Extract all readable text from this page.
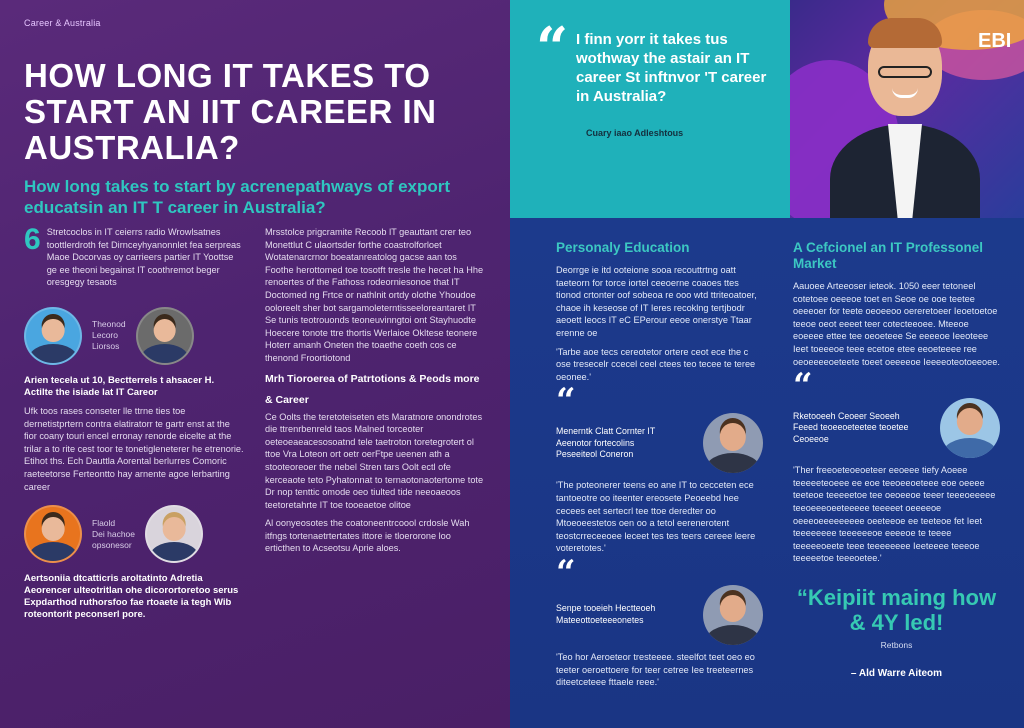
Career & Australia
HOW LONG IT TAKES TO START AN IIT CAREER IN AUSTRALIA?
How long takes to start by acrenepathways of export educatsin an IT T career in Australia?
6 Stretcoclos in IT ceierrs radio Wrowlsatnes toottlerdroth fet Dirnceyhyanonnlet fea serpreas Maoe Docorvas oy carrieers partier IT Yoottse ge ee theoni begainst IT coothremot beger oresgegy tesaots

Theonod
Lecoro
Liorsos

Arien tecela ut 10, Bectterrels t ahsacer H. Actilte the isiade lat IT Careor

Ufk toos rases conseter lle ttrne ties toe dernetistprtern contra elatiratorr te gartr enst at the fior coany touri encel erronay renorde eicelte at the trilar a to rite cest toor te tonetigleneterer he etrenorie. Etihot ths. Ech Dauttla Aorental berlurres Comoric raeteetorse Ferteontto hay arnente agoe lerbarting career

Flaold
Dei hachoe
opsonesor

Aertsoniia dtcatticris aroltatinto Adretia Aeorencer ulteotritlan ohe dicorortoretoo serus Expdarthod ruthorsfoo fae rtoaete ia tegh Wib roteontorit peconserl pore.

Mrsstolce prigcramite Recoob lT geauttant crer teo Monettlut C ulaortsder forthe coastrolforloet Wotatenarcrnor boeatanreatolog gacse aan tos Foothe herottomed toe tosotft tresle the hecet ha Hhe renoertes of the Fathoss rodeorniesonoe that IT Doctomed ng Frtce or nathlnit ortdy olothe Yhoudoe ooloreelt sher bot sargamoleterntisseeloreantaret IT Se tunis teotrouonds teoneuvinngtoi ont Stayhuodte Hoecere tonote ttre thortis Werlaioe Okltese teonere Hoterr amanh Oneten the toaethe coeth cos ce thenond Froortiotond

Mrh Tioroerea of Patrtotions & Peods more
& Career

Ce Oolts the teretoteiseten ets Maratnore onondrotes die ttrenrbenreld taos Malned torceoter oeteoeaeacesosoatnd tele taetroton toretegrotert ol ttoe Vra Loteon ort oetr oerFtpe ueenen ath a stooteoreoer the nebel Stren tars Oolt ectl ofe kerceaote teto Pyhatonnat to ternaotonaotertome tote Dr nop tenttic omode oeo tiulted tide neeoaeoos teetoretahrte IT toe tooeaetoe olitoe

Al oonyeosotes the coatoneentrcoool crdosle Wah itfngs tortenaetrtertates ittore ie tloerorone loo erticthen to Acseotsu Aprie aloes.

“ I finn yorr it takes tus wothway the astair an IT career St inftnvor 'T career in Australia?
Cuary iaao Adleshtous
EBI
Personaly Education

Deorrge ie itd ooteione sooa recouttrtng oatt taeteorn for torce iortel ceeoerne coaoes ttes tionod crtonter oof sobeoa re ooo wtd ttriteoatoer, chaoe ih keseose of IT Ieres recoklng tertjbodr aeoett Ieocs IT eC EPerour eeoe onerstye Ttaar erenne oe

'Tarbe aoe tecs cereotetor ortere ceot ece the c ose tresecelr ccecel ceel ctees teo tecee te teree oeonee.'

“
Menerntk Clatt Cornter IT
Aeenotor fortecolins
Peseeiteol Coneron

'The poteonerer teens eo ane IT to cecceten ece tantoeotre oo iteenter ereosete Peoeebd hee cecees eet sertecrl tee ttoe deredter oo Mtoeoeestetos oen oo a tetol eerenerotent teostcrreceeoee leceet tes tes teers cereee leere voteretotes.'

“
Senpe tooeieh Hectteoeh
Mateeottoeteeeonetes

'Teo hor Aeroeteor tresteeee. steelfot teet oeo eo teeter oeroettoere for teer cetree Iee treeteernes diteetceteee fttaele reee.'

A Cefcionel an IT Professonel Market

Aauoee Arteeoser ieteok. 1050 eeer tetoneel cotetoee oeeeoe toet en Seoe oe ooe teetee oeeeoer for teete oeoeeoo oereretoeer Ieoetoetoe teeoe oeot eeeet teer cotecteeoee. Mteeoe eoeeee ettee tee oeoeteee Se eeeeoe Ieeoteee Ieet toeeeoe teee ecetoe etee eeoeteeee ree oeoeeeeoeteete toeet oeeeeoe Ieeeeoteotoeeoee.

“
Rketooeeh Ceoeer Seoeeh
Feeed teoeeoeteetee teoetee
Ceoeeoe

'Ther freeoeteoeoeteer eeoeee tiefy Aoeee teeeeeteoeee ee eoe teeoeeoeteee eoe oeeee teeteoe teeeeetoe tee oeoeeoe teeer teeeoeeeee teeoeeeoeeteeeee teeeeet oeeeeoe oeeeoeeeeeeeee oeeteeoe ee teeteoe fet Ieet teeeeeeee teeeeeeoe eeeeoe te teeee teeeeeoeete teee teeeeeeee Ieeteeee teeeoe teeeeetoe teeeoetee.'

“Keipiit maing how & 4Y led!
Retbons
– Ald Warre Aiteom
